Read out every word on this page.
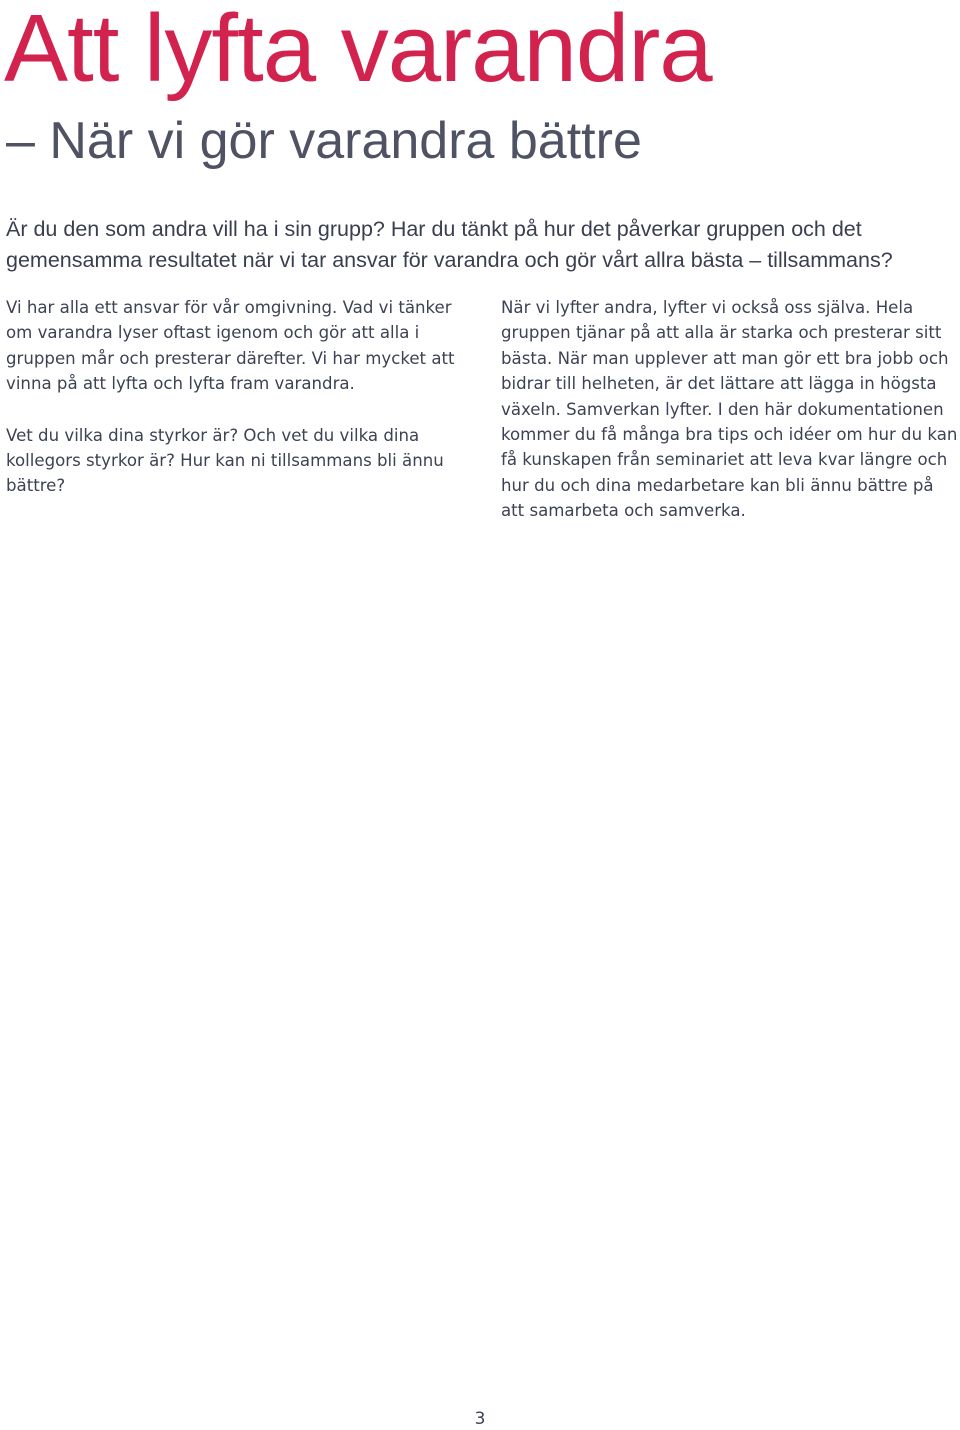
Att lyfta varandra
– När vi gör varandra bättre

Är du den som andra vill ha i sin grupp? Har du tänkt på hur det påverkar gruppen och det gemensamma resultatet när vi tar ansvar för varandra och gör vårt allra bästa – tillsammans?

Vi har alla ett ansvar för vår omgivning. Vad vi tänker om varandra lyser oftast igenom och gör att alla i gruppen mår och presterar därefter. Vi har mycket att vinna på att lyfta och lyfta fram varandra.

Vet du vilka dina styrkor är? Och vet du vilka dina kollegors styrkor är? Hur kan ni tillsammans bli ännu bättre?

När vi lyfter andra, lyfter vi också oss själva. Hela gruppen tjänar på att alla är starka och presterar sitt bästa. När man upplever att man gör ett bra jobb och bidrar till helheten, är det lättare att lägga in högsta växeln. Samverkan lyfter. I den här dokumentationen kommer du få många bra tips och idéer om hur du kan få kunskapen från seminariet att leva kvar längre och hur du och dina medarbetare kan bli ännu bättre på att samarbeta och samverka.

3
